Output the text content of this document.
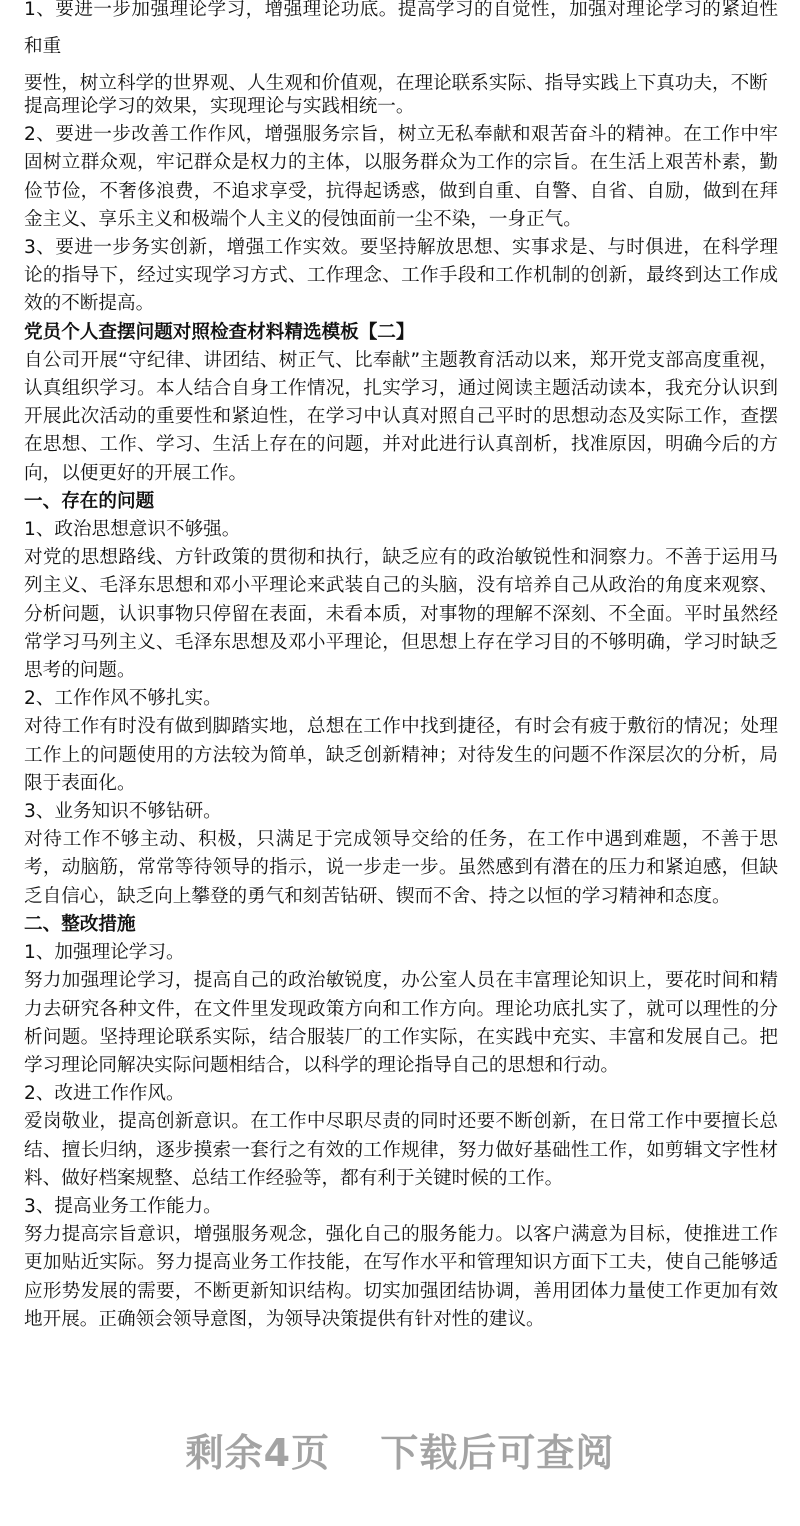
1、要进一步加强理论学习，增强理论功底。提高学习的自觉性，加强对理论学习的紧迫性和重

要性，树立科学的世界观、人生观和价值观，在理论联系实际、指导实践上下真功夫，不断

提高理论学习的效果，实现理论与实践相统一。

2、要进一步改善工作作风，增强服务宗旨，树立无私奉献和艰苦奋斗的精神。在工作中牢固树立群众观，牢记群众是权力的主体，以服务群众为工作的宗旨。在生活上艰苦朴素，勤俭节俭，不奢侈浪费，不追求享受，抗得起诱惑，做到自重、自警、自省、自励，做到在拜金主义、享乐主义和极端个人主义的侵蚀面前一尘不染，一身正气。

3、要进一步务实创新，增强工作实效。要坚持解放思想、实事求是、与时俱进，在科学理论的指导下，经过实现学习方式、工作理念、工作手段和工作机制的创新，最终到达工作成效的不断提高。

党员个人查摆问题对照检查材料精选模板【二】

自公司开展“守纪律、讲团结、树正气、比奉献”主题教育活动以来，郑开党支部高度重视，认真组织学习。本人结合自身工作情况，扎实学习，通过阅读主题活动读本，我充分认识到开展此次活动的重要性和紧迫性，在学习中认真对照自己平时的思想动态及实际工作，查摆在思想、工作、学习、生活上存在的问题，并对此进行认真剖析，找准原因，明确今后的方向，以便更好的开展工作。

一、存在的问题

1、政治思想意识不够强。

对党的思想路线、方针政策的贯彻和执行，缺乏应有的政治敏锐性和洞察力。不善于运用马列主义、毛泽东思想和邓小平理论来武装自己的头脑，没有培养自己从政治的角度来观察、分析问题，认识事物只停留在表面，未看本质，对事物的理解不深刻、不全面。平时虽然经常学习马列主义、毛泽东思想及邓小平理论，但思想上存在学习目的不够明确，学习时缺乏思考的问题。

2、工作作风不够扎实。

对待工作有时没有做到脚踏实地，总想在工作中找到捷径，有时会有疲于敷衍的情况；处理工作上的问题使用的方法较为简单，缺乏创新精神；对待发生的问题不作深层次的分析，局限于表面化。

3、业务知识不够钻研。

对待工作不够主动、积极，只满足于完成领导交给的任务，在工作中遇到难题，不善于思考，动脑筋，常常等待领导的指示，说一步走一步。虽然感到有潜在的压力和紧迫感，但缺乏自信心，缺乏向上攀登的勇气和刻苦钻研、锲而不舍、持之以恒的学习精神和态度。

二、整改措施

1、加强理论学习。

努力加强理论学习，提高自己的政治敏锐度，办公室人员在丰富理论知识上，要花时间和精力去研究各种文件，在文件里发现政策方向和工作方向。理论功底扎实了，就可以理性的分析问题。坚持理论联系实际，结合服装厂的工作实际，在实践中充实、丰富和发展自己。把学习理论同解决实际问题相结合，以科学的理论指导自己的思想和行动。

2、改进工作作风。

爱岗敬业，提高创新意识。在工作中尽职尽责的同时还要不断创新，在日常工作中要擅长总结、擅长归纳，逐步摸索一套行之有效的工作规律，努力做好基础性工作，如剪辑文字性材料、做好档案规整、总结工作经验等，都有利于关键时候的工作。

3、提高业务工作能力。

努力提高宗旨意识，增强服务观念，强化自己的服务能力。以客户满意为目标，使推进工作更加贴近实际。努力提高业务工作技能，在写作水平和管理知识方面下工夫，使自己能够适应形势发展的需要，不断更新知识结构。切实加强团结协调，善用团体力量使工作更加有效地开展。正确领会领导意图，为领导决策提供有针对性的建议。

剩余4页 下载后可查阅
